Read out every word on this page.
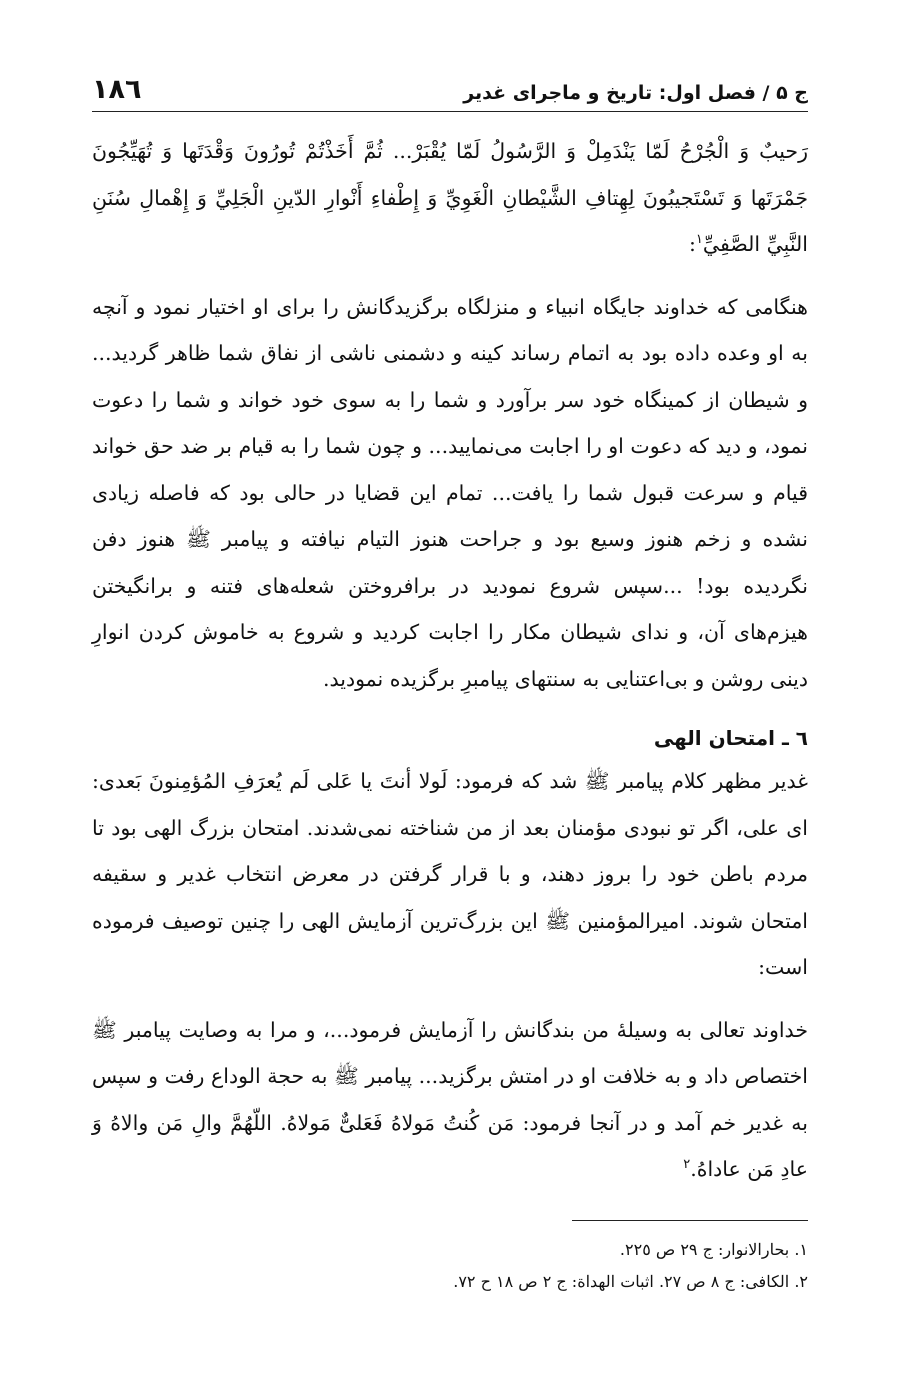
ج ۵ / فصل اول: تاریخ و ماجرای غدیر
١٨٦

رَحيبٌ وَ الْجُرْحُ لَمّا يَنْدَمِلْ وَ الرَّسُولُ لَمّا يُقْبَرْ... ثُمَّ أَخَذْتُمْ تُورُونَ وَقْدَتَها وَ تُهَيِّجُونَ جَمْرَتَها وَ تَسْتَجيبُونَ لِهِتافِ الشَّيْطانِ الْغَوِيِّ وَ إِطْفاءِ أَنْوارِ الدّينِ الْجَلِيِّ وَ إِهْمالِ سُنَنِ النَّبِيِّ الصَّفِيِّ$^١$:

هنگامی که خداوند جایگاه انبیاء و منزلگاه برگزیدگانش را برای او اختیار نمود و آنچه به او وعده داده بود به اتمام رساند کینه و دشمنی ناشی از نفاق شما ظاهر گردید... و شیطان از کمینگاه خود سر برآورد و شما را به سوی خود خواند و شما را دعوت نمود، و دید که دعوت او را اجابت می‌نمایید... و چون شما را به قیام بر ضد حق خواند قیام و سرعت قبول شما را یافت... تمام این قضایا در حالی بود که فاصله زیادی نشده و زخم هنوز وسیع بود و جراحت هنوز التیام نیافته و پیامبر ﷺ هنوز دفن نگردیده بود! ...سپس شروع نمودید در برافروختن شعله‌های فتنه و برانگیختن هیزم‌های آن، و ندای شیطان مکار را اجابت کردید و شروع به خاموش کردن انوارِ دینی روشن و بی‌اعتنایی به سنتهای پیامبرِ برگزیده نمودید.

٦ ـ امتحان الهی

غدیر مظهر کلام پیامبر ﷺ شد که فرمود: لَولا أنتَ یا عَلی لَم یُعرَفِ المُؤمِنونَ بَعدی: ای علی، اگر تو نبودی مؤمنان بعد از من شناخته نمی‌شدند. امتحان بزرگ الهی بود تا مردم باطن خود را بروز دهند، و با قرار گرفتن در معرض انتخاب غدیر و سقیفه امتحان شوند. امیرالمؤمنین ﷺ این بزرگ‌ترین آزمایش الهی را چنین توصیف فرموده است:

خداوند تعالی به وسیلهٔ من بندگانش را آزمایش فرمود...، و مرا به وصایت پیامبر ﷺ اختصاص داد و به خلافت او در امتش برگزید... پیامبر ﷺ به حجة الوداع رفت و سپس به غدیر خم آمد و در آنجا فرمود: مَن کُنتُ مَولاهُ فَعَلیٌّ مَولاهُ. اللّهُمَّ والِ مَن والاهُ وَ عادِ مَن عاداهُ.$^٢$

١. بحارالانوار: ج ٢٩ ص ٢٢٥.

٢. الکافی: ج ٨ ص ٢٧. اثبات الهداة: ج ٢ ص ١٨ ح ٧٢.
